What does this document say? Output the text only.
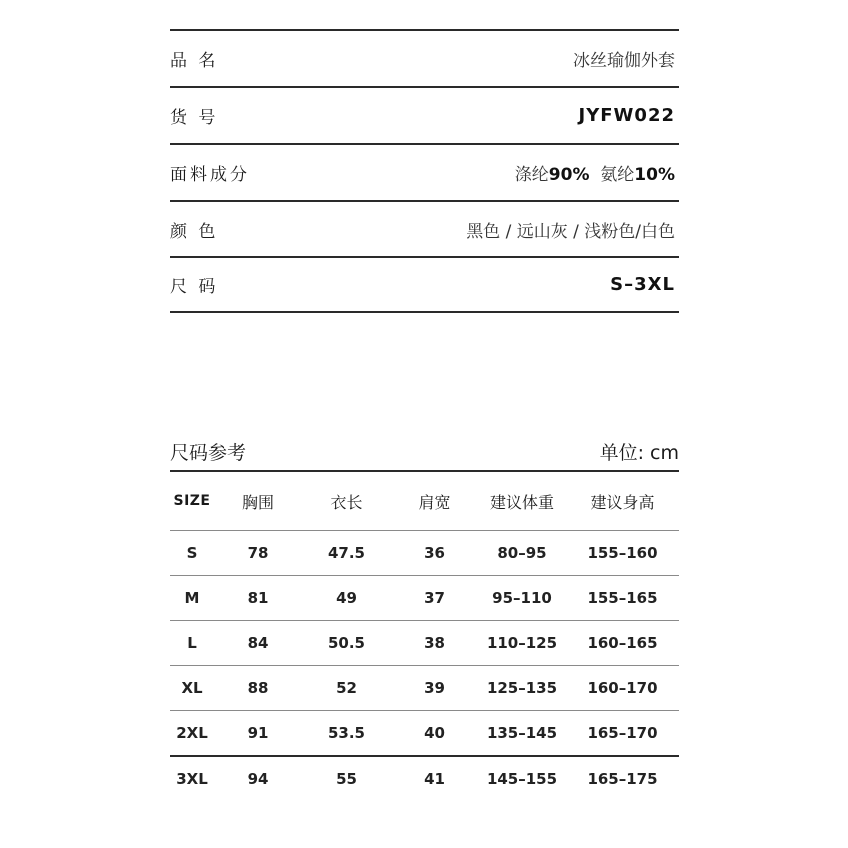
品 名	冰丝瑜伽外套
货 号	JYFW022
面料成分	涤纶90%  氨纶10%
颜 色	黑色 / 远山灰 / 浅粉色/白色
尺 码	S–3XL
尺码参考	单位: cm
SIZE	胸围	衣长	肩宽	建议体重	建议身高
S	78	47.5	36	80–95	155–160
M	81	49	37	95–110	155–165
L	84	50.5	38	110–125	160–165
XL	88	52	39	125–135	160–170
2XL	91	53.5	40	135–145	165–170
3XL	94	55	41	145–155	165–175
